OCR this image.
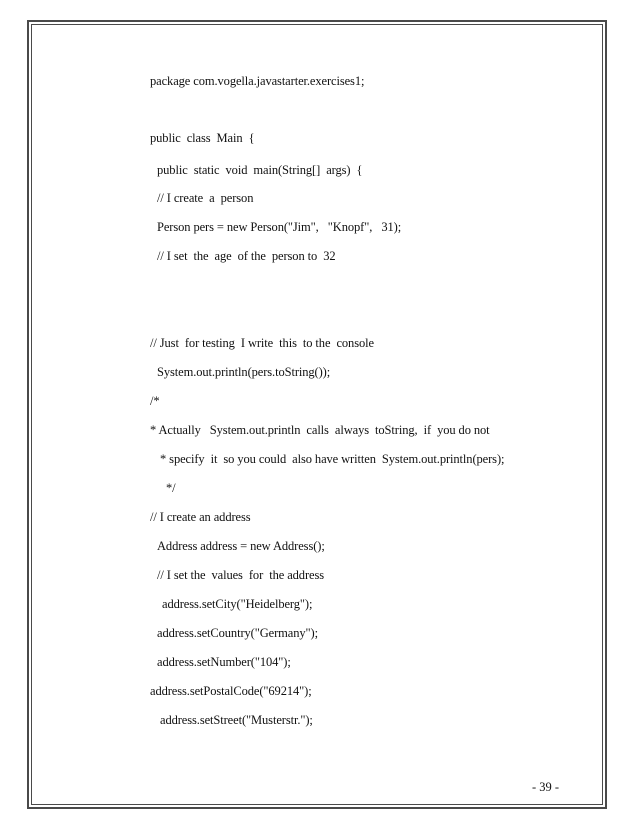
package com.vogella.javastarter.exercises1;
public  class  Main  {
public  static  void  main(String[]  args)  {
// I create  a  person
Person pers = new Person("Jim",   "Knopf",   31);
// I set  the  age  of the  person to  32
// Just  for testing  I write  this  to the  console
System.out.println(pers.toString());
/*
* Actually   System.out.println  calls  always  toString,  if  you do not
* specify  it  so you could  also have written  System.out.println(pers);
*/
// I create an address
Address address = new Address();
// I set the  values  for  the address
address.setCity("Heidelberg");
address.setCountry("Germany");
address.setNumber("104");
address.setPostalCode("69214");
address.setStreet("Musterstr.");
- 39 -
